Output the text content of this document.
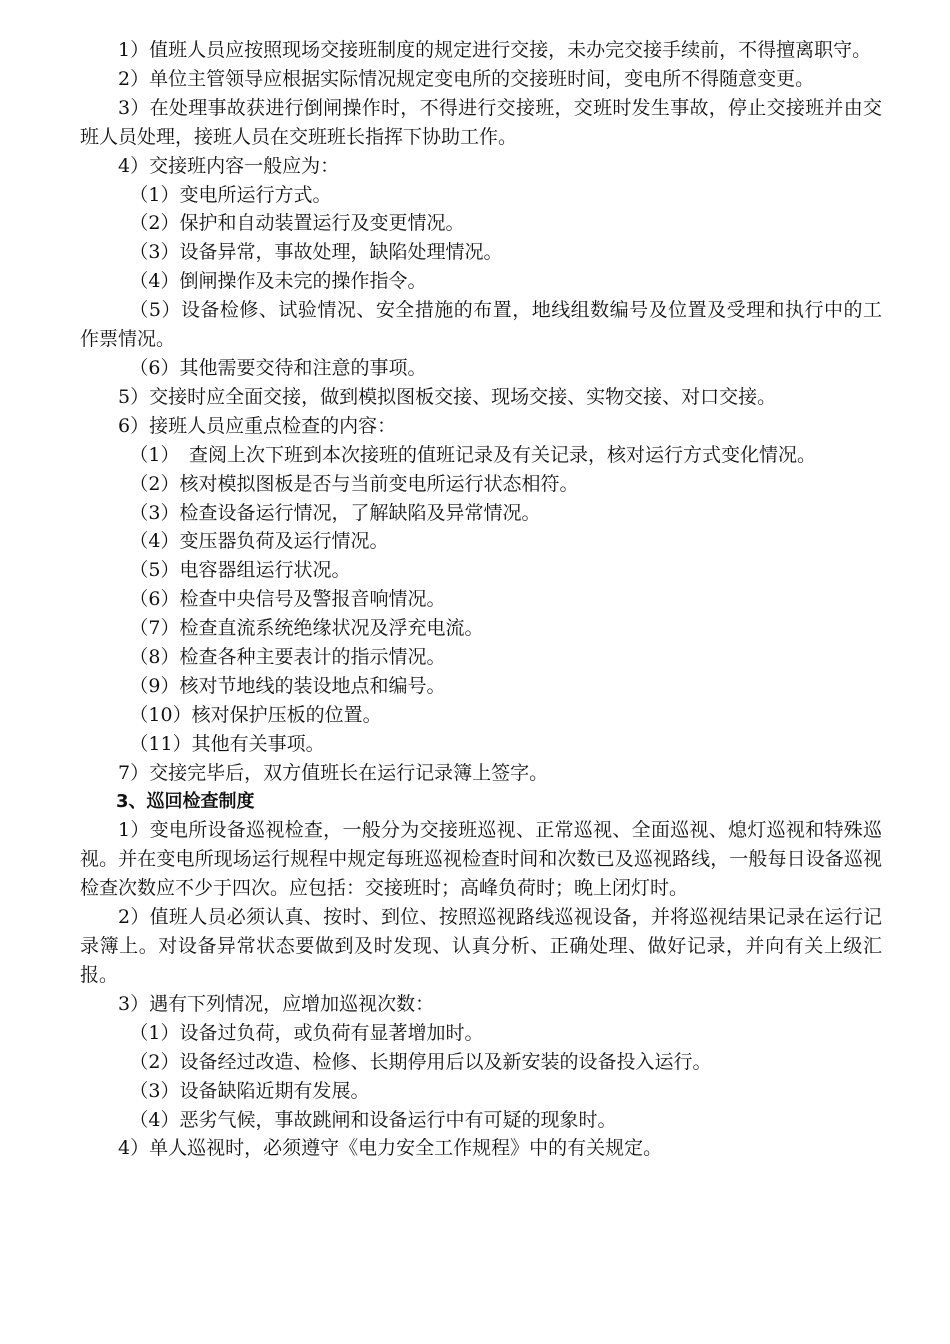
1）值班人员应按照现场交接班制度的规定进行交接，未办完交接手续前，不得擅离职守。

2）单位主管领导应根据实际情况规定变电所的交接班时间，变电所不得随意变更。

3）在处理事故获进行倒闸操作时，不得进行交接班，交班时发生事故，停止交接班并由交班人员处理，接班人员在交班班长指挥下协助工作。

4）交接班内容一般应为：

（1）变电所运行方式。

（2）保护和自动装置运行及变更情况。

（3）设备异常，事故处理，缺陷处理情况。

（4）倒闸操作及未完的操作指令。

（5）设备检修、试验情况、安全措施的布置，地线组数编号及位置及受理和执行中的工作票情况。

（6）其他需要交待和注意的事项。

5）交接时应全面交接，做到模拟图板交接、现场交接、实物交接、对口交接。

6）接班人员应重点检查的内容：

（1）　查阅上次下班到本次接班的值班记录及有关记录，核对运行方式变化情况。

（2）核对模拟图板是否与当前变电所运行状态相符。

（3）检查设备运行情况，了解缺陷及异常情况。

（4）变压器负荷及运行情况。

（5）电容器组运行状况。

（6）检查中央信号及警报音响情况。

（7）检查直流系统绝缘状况及浮充电流。

（8）检查各种主要表计的指示情况。

（9）核对节地线的装设地点和编号。

（10）核对保护压板的位置。

（11）其他有关事项。

7）交接完毕后，双方值班长在运行记录簿上签字。

3、巡回检查制度

1）变电所设备巡视检查，一般分为交接班巡视、正常巡视、全面巡视、熄灯巡视和特殊巡视。并在变电所现场运行规程中规定每班巡视检查时间和次数已及巡视路线，一般每日设备巡视检查次数应不少于四次。应包括：交接班时；高峰负荷时；晚上闭灯时。

2）值班人员必须认真、按时、到位、按照巡视路线巡视设备，并将巡视结果记录在运行记录簿上。对设备异常状态要做到及时发现、认真分析、正确处理、做好记录，并向有关上级汇报。

3）遇有下列情况，应增加巡视次数：

（1）设备过负荷，或负荷有显著增加时。

（2）设备经过改造、检修、长期停用后以及新安装的设备投入运行。

（3）设备缺陷近期有发展。

（4）恶劣气候，事故跳闸和设备运行中有可疑的现象时。

4）单人巡视时，必须遵守《电力安全工作规程》中的有关规定。
